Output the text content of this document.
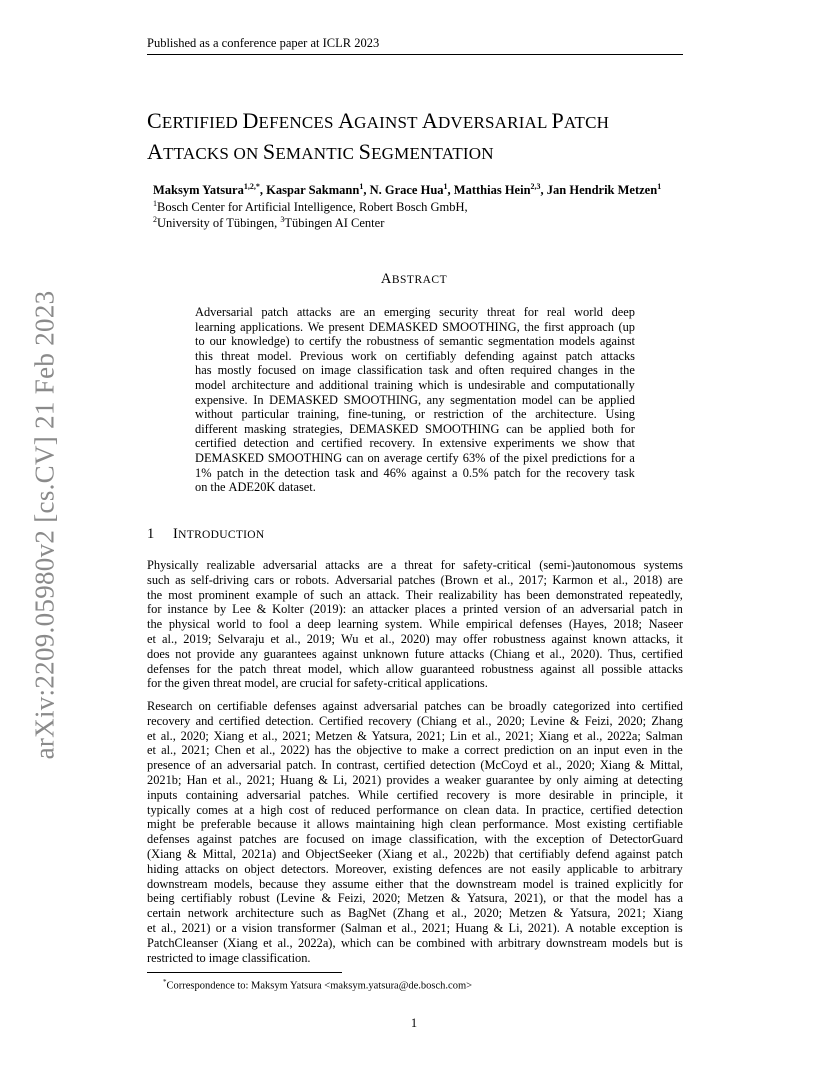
Published as a conference paper at ICLR 2023
arXiv:2209.05980v2 [cs.CV] 21 Feb 2023
CERTIFIED DEFENCES AGAINST ADVERSARIAL PATCH
ATTACKS ON SEMANTIC SEGMENTATION
Maksym Yatsura$^{1,2,*}$, Kaspar Sakmann$^1$, N. Grace Hua$^1$, Matthias Hein$^{2,3}$, Jan Hendrik Metzen$^1$
$^1$Bosch Center for Artificial Intelligence, Robert Bosch GmbH,
$^2$University of Tübingen, $^3$Tübingen AI Center
ABSTRACT
Adversarial patch attacks are an emerging security threat for real world deep
learning applications. We present DEMASKED SMOOTHING, the first approach (up
to our knowledge) to certify the robustness of semantic segmentation models against
this threat model. Previous work on certifiably defending against patch attacks
has mostly focused on image classification task and often required changes in the
model architecture and additional training which is undesirable and computationally
expensive. In DEMASKED SMOOTHING, any segmentation model can be applied
without particular training, fine-tuning, or restriction of the architecture. Using
different masking strategies, DEMASKED SMOOTHING can be applied both for
certified detection and certified recovery. In extensive experiments we show that
DEMASKED SMOOTHING can on average certify 63% of the pixel predictions for a
1% patch in the detection task and 46% against a 0.5% patch for the recovery task
on the ADE20K dataset.
1 INTRODUCTION
Physically realizable adversarial attacks are a threat for safety-critical (semi-)autonomous systems
such as self-driving cars or robots. Adversarial patches (Brown et al., 2017; Karmon et al., 2018) are
the most prominent example of such an attack. Their realizability has been demonstrated repeatedly,
for instance by Lee & Kolter (2019): an attacker places a printed version of an adversarial patch in
the physical world to fool a deep learning system. While empirical defenses (Hayes, 2018; Naseer
et al., 2019; Selvaraju et al., 2019; Wu et al., 2020) may offer robustness against known attacks, it
does not provide any guarantees against unknown future attacks (Chiang et al., 2020). Thus, certified
defenses for the patch threat model, which allow guaranteed robustness against all possible attacks
for the given threat model, are crucial for safety-critical applications.
Research on certifiable defenses against adversarial patches can be broadly categorized into certified
recovery and certified detection. Certified recovery (Chiang et al., 2020; Levine & Feizi, 2020; Zhang
et al., 2020; Xiang et al., 2021; Metzen & Yatsura, 2021; Lin et al., 2021; Xiang et al., 2022a; Salman
et al., 2021; Chen et al., 2022) has the objective to make a correct prediction on an input even in the
presence of an adversarial patch. In contrast, certified detection (McCoyd et al., 2020; Xiang & Mittal,
2021b; Han et al., 2021; Huang & Li, 2021) provides a weaker guarantee by only aiming at detecting
inputs containing adversarial patches. While certified recovery is more desirable in principle, it
typically comes at a high cost of reduced performance on clean data. In practice, certified detection
might be preferable because it allows maintaining high clean performance. Most existing certifiable
defenses against patches are focused on image classification, with the exception of DetectorGuard
(Xiang & Mittal, 2021a) and ObjectSeeker (Xiang et al., 2022b) that certifiably defend against patch
hiding attacks on object detectors. Moreover, existing defences are not easily applicable to arbitrary
downstream models, because they assume either that the downstream model is trained explicitly for
being certifiably robust (Levine & Feizi, 2020; Metzen & Yatsura, 2021), or that the model has a
certain network architecture such as BagNet (Zhang et al., 2020; Metzen & Yatsura, 2021; Xiang
et al., 2021) or a vision transformer (Salman et al., 2021; Huang & Li, 2021). A notable exception is
PatchCleanser (Xiang et al., 2022a), which can be combined with arbitrary downstream models but is
restricted to image classification.
*Correspondence to: Maksym Yatsura <maksym.yatsura@de.bosch.com>
1
